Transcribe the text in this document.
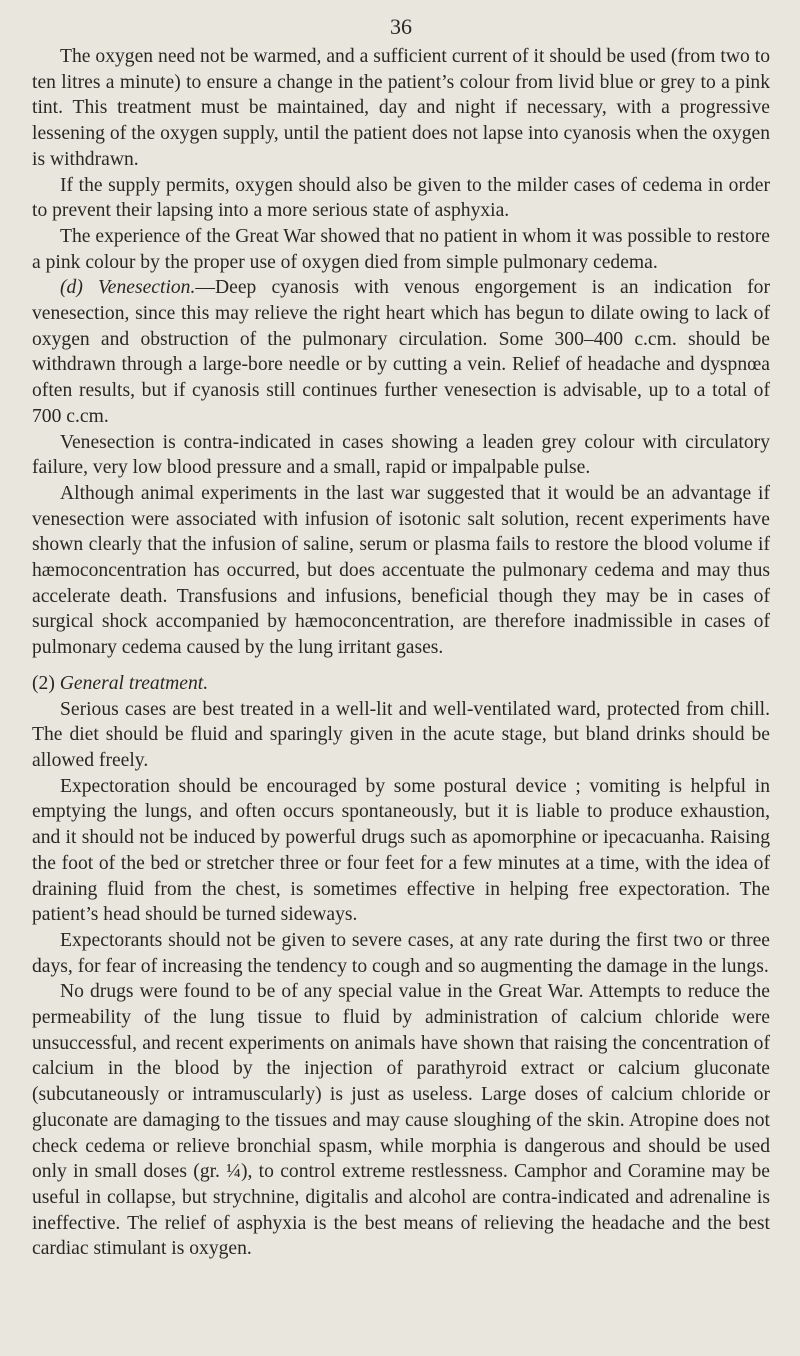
36

The oxygen need not be warmed, and a sufficient current of it should be used (from two to ten litres a minute) to ensure a change in the patient’s colour from livid blue or grey to a pink tint. This treatment must be maintained, day and night if necessary, with a progressive lessening of the oxygen supply, until the patient does not lapse into cyanosis when the oxygen is withdrawn.

If the supply permits, oxygen should also be given to the milder cases of cedema in order to prevent their lapsing into a more serious state of asphyxia.

The experience of the Great War showed that no patient in whom it was possible to restore a pink colour by the proper use of oxygen died from simple pulmonary cedema.

(d) Venesection.—Deep cyanosis with venous engorgement is an indication for venesection, since this may relieve the right heart which has begun to dilate owing to lack of oxygen and obstruction of the pulmonary circulation. Some 300–400 c.cm. should be withdrawn through a large-bore needle or by cutting a vein. Relief of headache and dyspnœa often results, but if cyanosis still continues further venesection is advisable, up to a total of 700 c.cm.

Venesection is contra-indicated in cases showing a leaden grey colour with circulatory failure, very low blood pressure and a small, rapid or impalpable pulse.

Although animal experiments in the last war suggested that it would be an advantage if venesection were associated with infusion of isotonic salt solution, recent experiments have shown clearly that the infusion of saline, serum or plasma fails to restore the blood volume if hæmoconcentration has occurred, but does accentuate the pulmonary cedema and may thus accelerate death. Transfusions and infusions, beneficial though they may be in cases of surgical shock accompanied by hæmoconcentration, are therefore inadmissible in cases of pulmonary cedema caused by the lung irritant gases.

(2) General treatment.

Serious cases are best treated in a well-lit and well-ventilated ward, protected from chill. The diet should be fluid and sparingly given in the acute stage, but bland drinks should be allowed freely.

Expectoration should be encouraged by some postural device ; vomiting is helpful in emptying the lungs, and often occurs spontaneously, but it is liable to produce exhaustion, and it should not be induced by powerful drugs such as apomorphine or ipecacuanha. Raising the foot of the bed or stretcher three or four feet for a few minutes at a time, with the idea of draining fluid from the chest, is sometimes effective in helping free expectoration. The patient’s head should be turned sideways.

Expectorants should not be given to severe cases, at any rate during the first two or three days, for fear of increasing the tendency to cough and so augmenting the damage in the lungs.

No drugs were found to be of any special value in the Great War. Attempts to reduce the permeability of the lung tissue to fluid by administration of calcium chloride were unsuccessful, and recent experiments on animals have shown that raising the concentration of calcium in the blood by the injection of parathyroid extract or calcium gluconate (subcutaneously or intramuscularly) is just as useless. Large doses of calcium chloride or gluconate are damaging to the tissues and may cause sloughing of the skin. Atropine does not check cedema or relieve bronchial spasm, while morphia is dangerous and should be used only in small doses (gr. ¼), to control extreme restlessness. Camphor and Coramine may be useful in collapse, but strychnine, digitalis and alcohol are contra-indicated and adrenaline is ineffective. The relief of asphyxia is the best means of relieving the headache and the best cardiac stimulant is oxygen.
